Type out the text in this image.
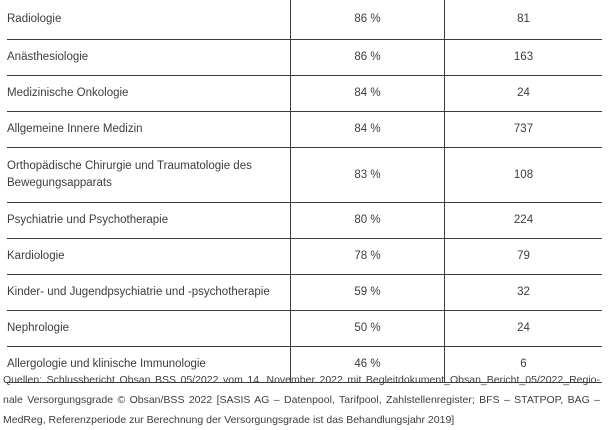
Radiologie	86 %	81
Anästhesiologie	86 %	163
Medizinische Onkologie	84 %	24
Allgemeine Innere Medizin	84 %	737
Orthopädische Chirurgie und Traumatologie des Bewegungsapparats	83 %	108
Psychiatrie und Psychotherapie	80 %	224
Kardiologie	78 %	79
Kinder- und Jugendpsychiatrie und -psychotherapie	59 %	32
Nephrologie	50 %	24
Allergologie und klinische Immunologie	46 %	6
Quellen: Schlussbericht Obsan BSS 05/2022 vom 14. November 2022 mit Begleitdokument_Obsan_Bericht_05/2022_Regio-
nale Versorgungsgrade © Obsan/BSS 2022 [SASIS AG – Datenpool, Tarifpool, Zahlstellenregister; BFS – STATPOP, BAG –
MedReg, Referenzperiode zur Berechnung der Versorgungsgrade ist das Behandlungsjahr 2019]
